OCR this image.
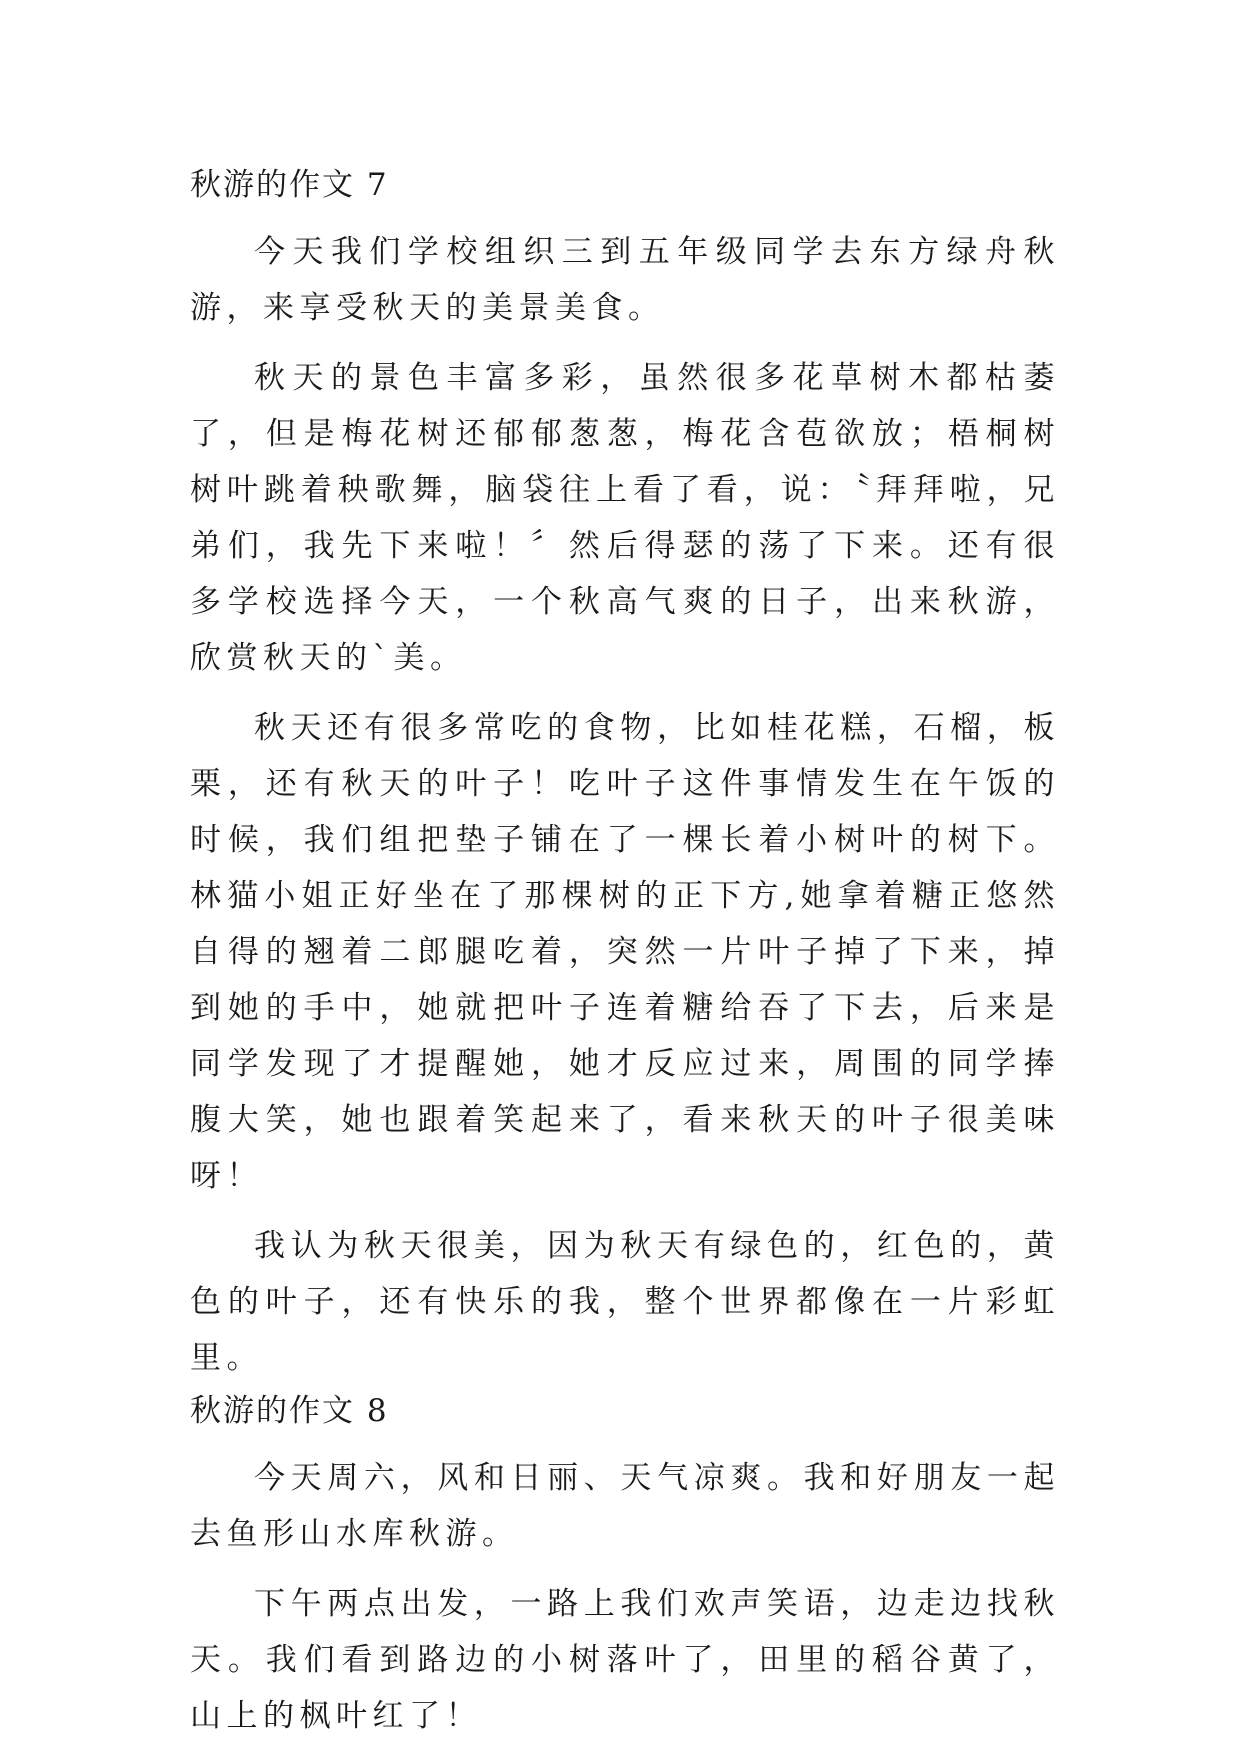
秋游的作文 7

今天我们学校组织三到五年级同学去东方绿舟秋游，来享受秋天的美景美食。

秋天的景色丰富多彩，虽然很多花草树木都枯萎了，但是梅花树还郁郁葱葱，梅花含苞欲放；梧桐树树叶跳着秧歌舞，脑袋往上看了看，说：〝拜拜啦，兄弟们，我先下来啦！〞然后得瑟的荡了下来。还有很多学校选择今天，一个秋高气爽的日子，出来秋游，欣赏秋天的`美。

秋天还有很多常吃的食物，比如桂花糕，石榴，板栗，还有秋天的叶子！吃叶子这件事情发生在午饭的时候，我们组把垫子铺在了一棵长着小树叶的树下。林猫小姐正好坐在了那棵树的正下方,她拿着糖正悠然自得的翘着二郎腿吃着，突然一片叶子掉了下来，掉到她的手中，她就把叶子连着糖给吞了下去，后来是同学发现了才提醒她，她才反应过来，周围的同学捧腹大笑，她也跟着笑起来了，看来秋天的叶子很美味呀！

我认为秋天很美，因为秋天有绿色的，红色的，黄色的叶子，还有快乐的我，整个世界都像在一片彩虹里。

秋游的作文 8

今天周六，风和日丽、天气凉爽。我和好朋友一起去鱼形山水库秋游。

下午两点出发，一路上我们欢声笑语，边走边找秋天。我们看到路边的小树落叶了，田里的稻谷黄了，山上的枫叶红了！
